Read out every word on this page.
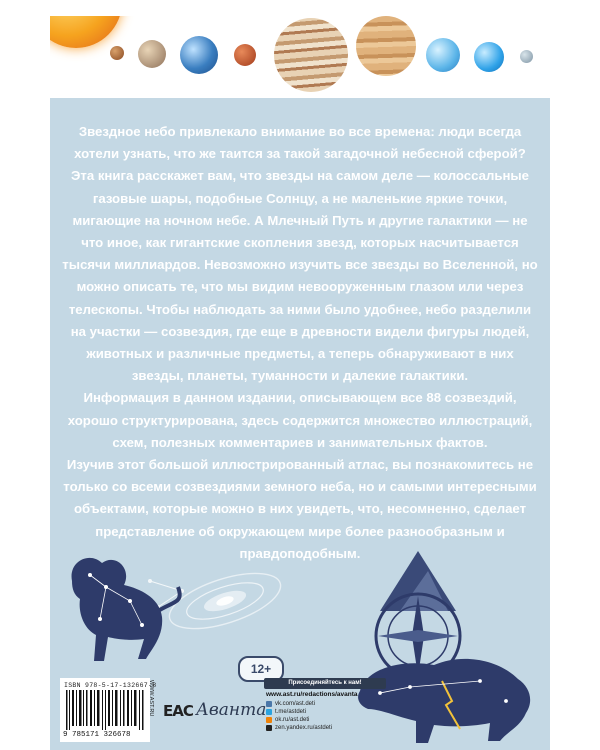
Звездное небо привлекало внимание во все времена: люди всегда хотели узнать, что же таится за такой загадочной небесной сферой? Эта книга расскажет вам, что звезды на самом деле — колоссальные газовые шары, подобные Солнцу, а не маленькие яркие точки, мигающие на ночном небе. А Млечный Путь и другие галактики — не что иное, как гигантские скопления звезд, которых насчитывается тысячи миллиардов. Невозможно изучить все звезды во Вселенной, но можно описать те, что мы видим невооруженным глазом или через телескопы. Чтобы наблюдать за ними было удобнее, небо разделили на участки — созвездия, где еще в древности видели фигуры людей, животных и различные предметы, а теперь обнаруживают в них звезды, планеты, туманности и далекие галактики.

Информация в данном издании, описывающем все 88 созвездий, хорошо структурирована, здесь содержится множество иллюстраций, схем, полезных комментариев и занимательных фактов.

Изучив этот большой иллюстрированный атлас, вы познакомитесь не только со всеми созвездиями земного неба, но и самыми интересными объектами, которые можно в них увидеть, что, несомненно, сделает представление об окружающем мире более разнообразным и правдоподобным.

12+
ISBN 978-5-17-132667-8
9 785171 326678
WWW.AST.RU EAC Аванта
Присоединяйтесь к нам!
www.ast.ru/redactions/avanta
vk.com/ast.deti
t.me/astdeti
ok.ru/ast.deti
zen.yandex.ru/astdeti
